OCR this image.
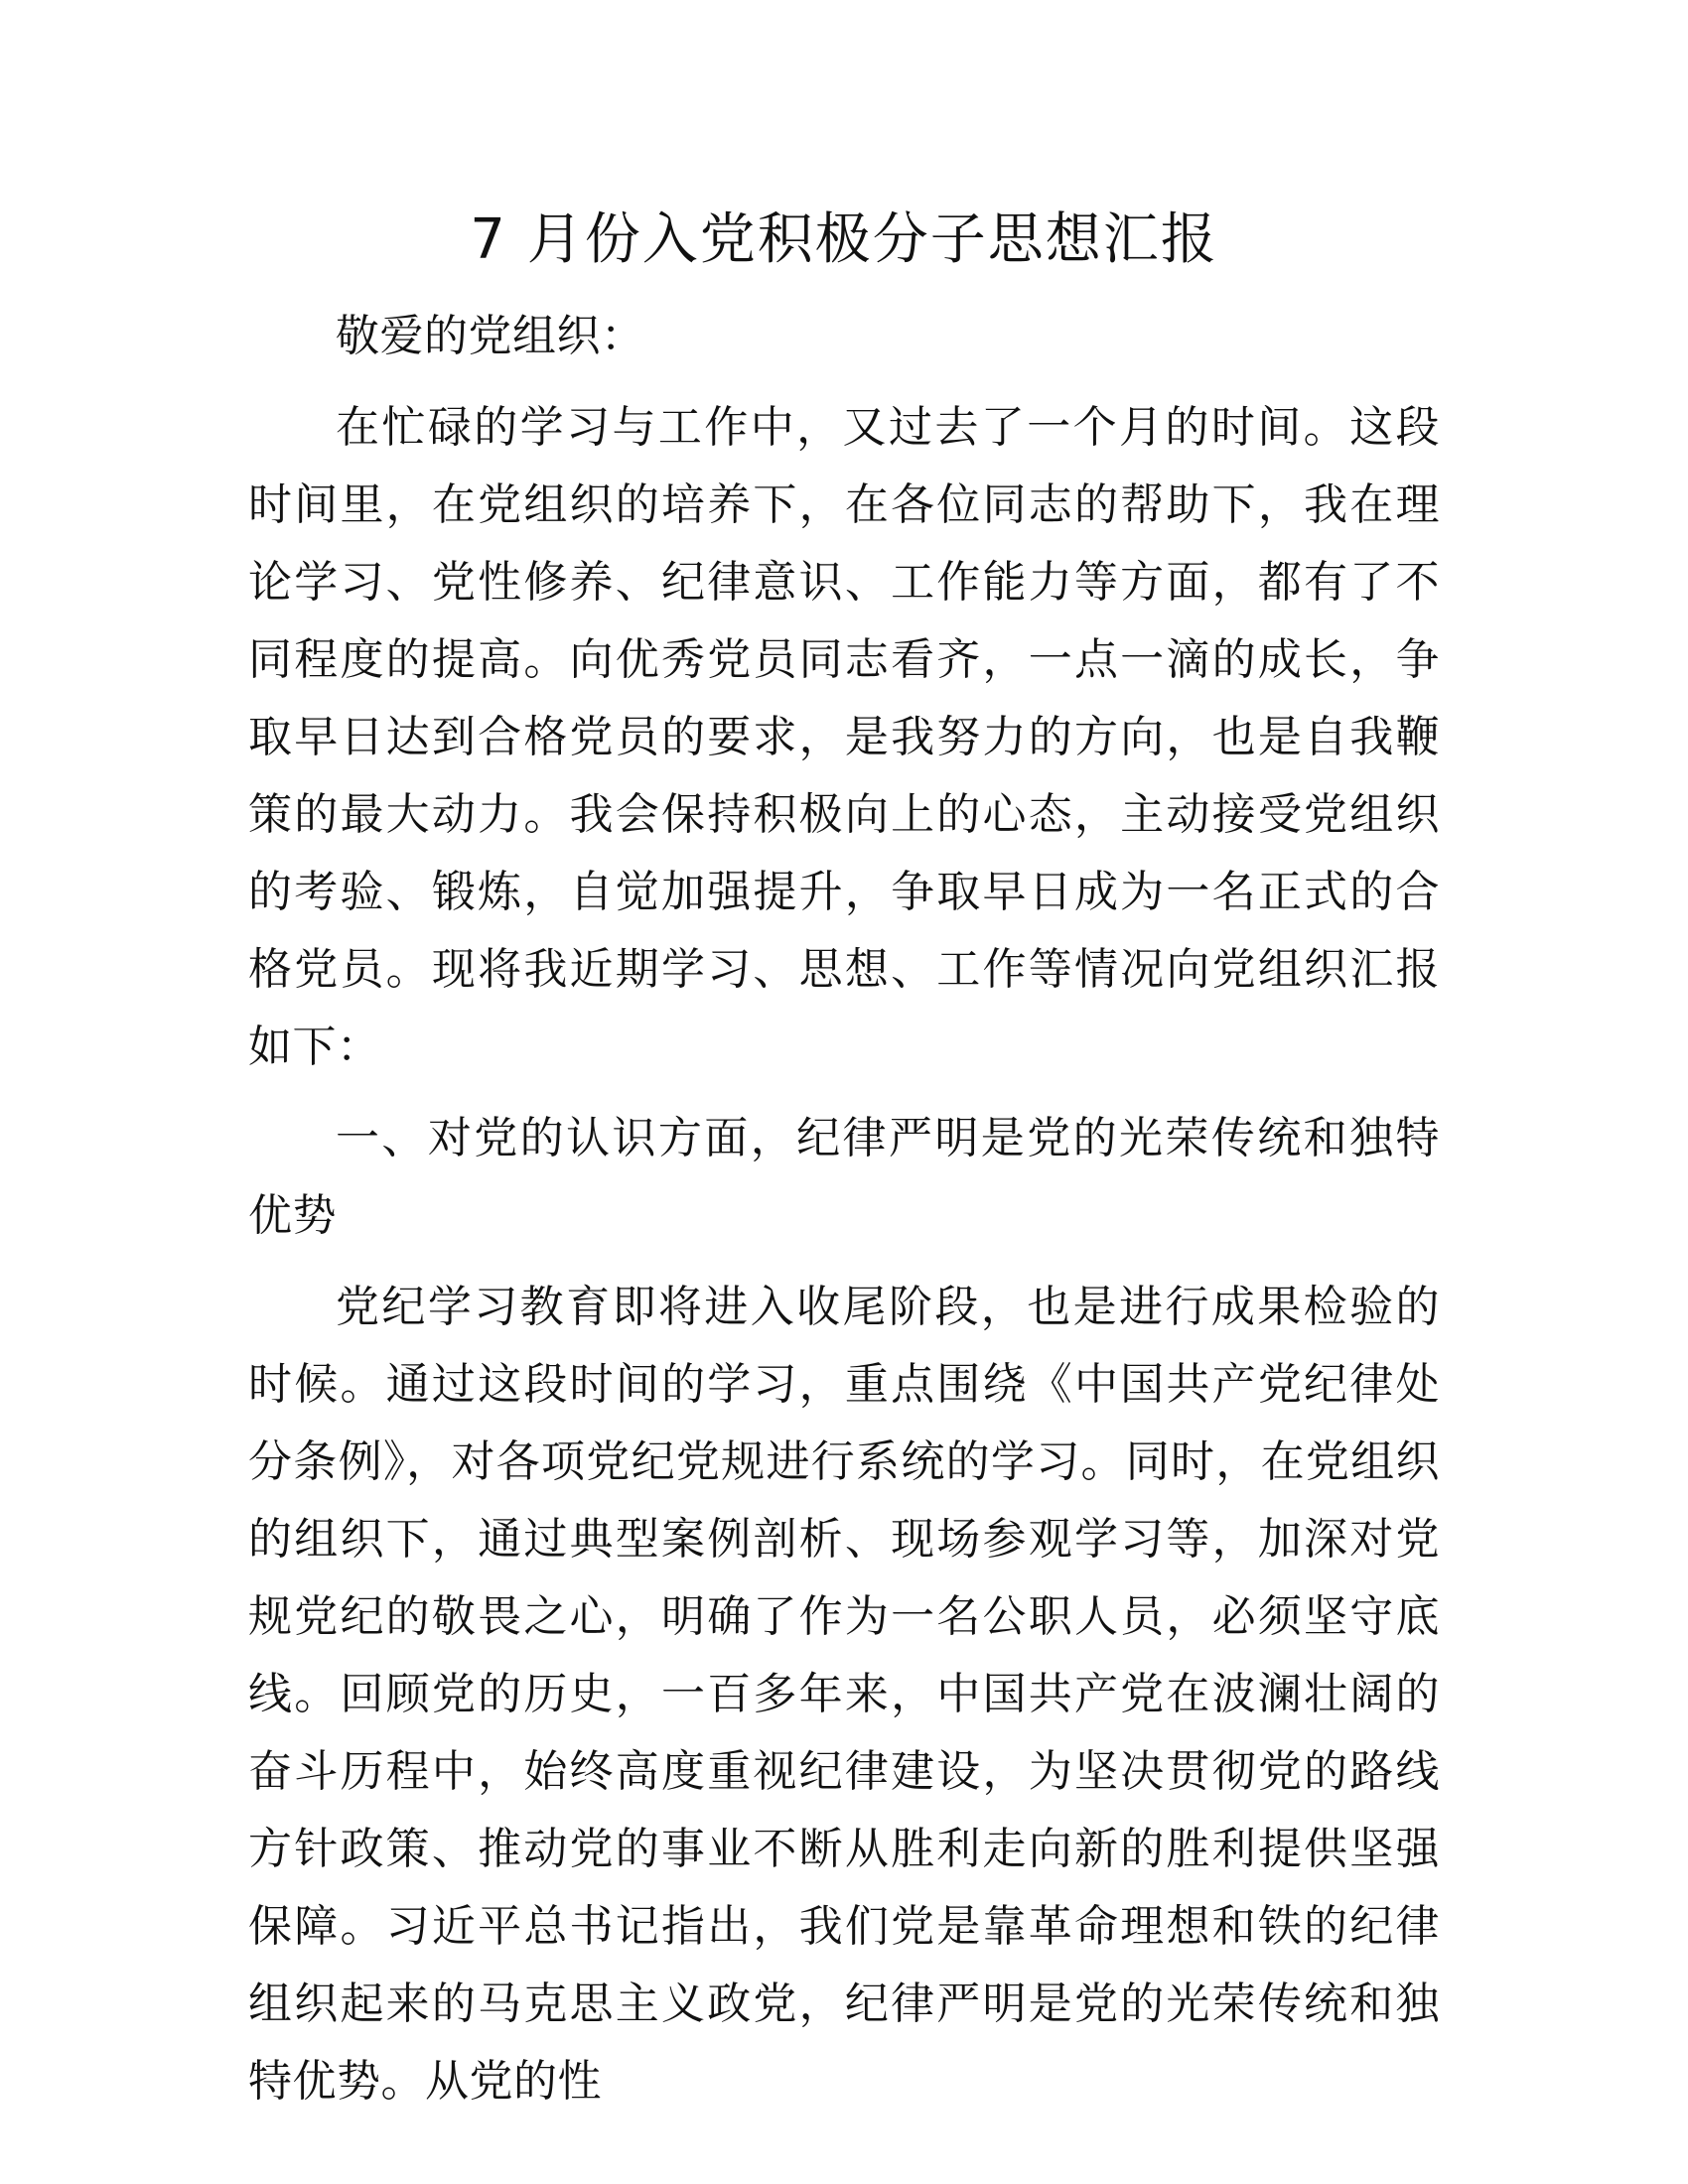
7 月份入党积极分子思想汇报

敬爱的党组织：

在忙碌的学习与工作中，又过去了一个月的时间。这段时间里，在党组织的培养下，在各位同志的帮助下，我在理论学习、党性修养、纪律意识、工作能力等方面，都有了不同程度的提高。向优秀党员同志看齐，一点一滴的成长，争取早日达到合格党员的要求，是我努力的方向，也是自我鞭策的最大动力。我会保持积极向上的心态，主动接受党组织的考验、锻炼，自觉加强提升，争取早日成为一名正式的合格党员。现将我近期学习、思想、工作等情况向党组织汇报如下：

一、对党的认识方面，纪律严明是党的光荣传统和独特优势

党纪学习教育即将进入收尾阶段，也是进行成果检验的时候。通过这段时间的学习，重点围绕《中国共产党纪律处分条例》，对各项党纪党规进行系统的学习。同时，在党组织的组织下，通过典型案例剖析、现场参观学习等，加深对党规党纪的敬畏之心，明确了作为一名公职人员，必须坚守底线。回顾党的历史，一百多年来，中国共产党在波澜壮阔的奋斗历程中，始终高度重视纪律建设，为坚决贯彻党的路线方针政策、推动党的事业不断从胜利走向新的胜利提供坚强保障。习近平总书记指出，我们党是靠革命理想和铁的纪律组织起来的马克思主义政党，纪律严明是党的光荣传统和独特优势。从党的性
